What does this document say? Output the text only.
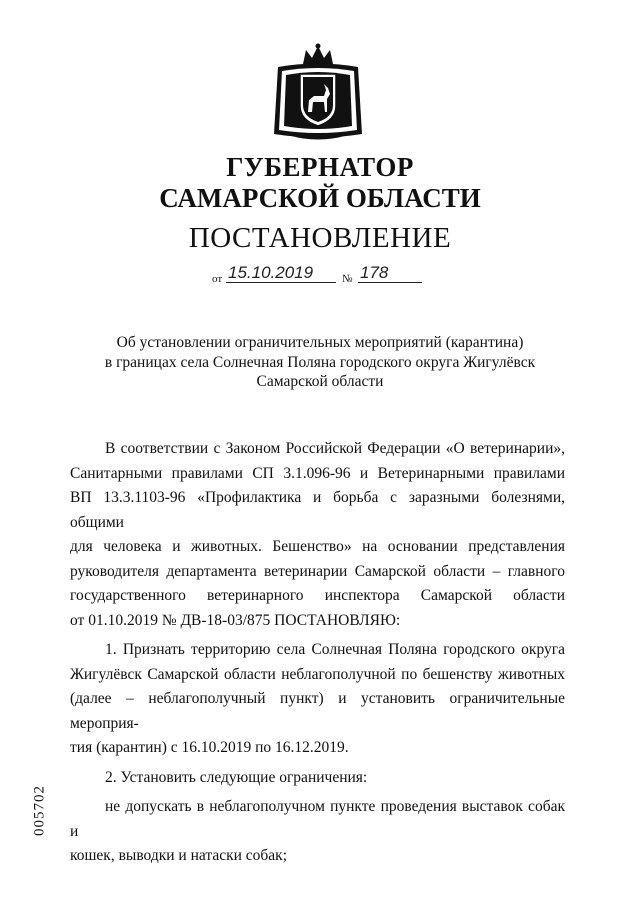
ГУБЕРНАТОР
САМАРСКОЙ ОБЛАСТИ
ПОСТАНОВЛЕНИЕ
от 15.10.2019	№ 178
Об установлении ограничительных мероприятий (карантина)
в границах села Солнечная Поляна городского округа Жигулёвск
Самарской области

В соответствии с Законом Российской Федерации «О ветеринарии»,

Санитарными правилами СП 3.1.096-96 и Ветеринарными правилами

ВП 13.3.1103-96 «Профилактика и борьба с заразными болезнями, общими

для человека и животных. Бешенство» на основании представления

руководителя департамента ветеринарии Самарской области – главного

государственного ветеринарного инспектора Самарской области

от 01.10.2019 № ДВ-18-03/875 ПОСТАНОВЛЯЮ:

1. Признать территорию села Солнечная Поляна городского округа

Жигулёвск Самарской области неблагополучной по бешенству животных

(далее – неблагополучный пункт) и установить ограничительные мероприя-

тия (карантин) с 16.10.2019 по 16.12.2019.

2. Установить следующие ограничения:

не допускать в неблагополучном пункте проведения выставок собак и

кошек, выводки и натаски собак;

005702
